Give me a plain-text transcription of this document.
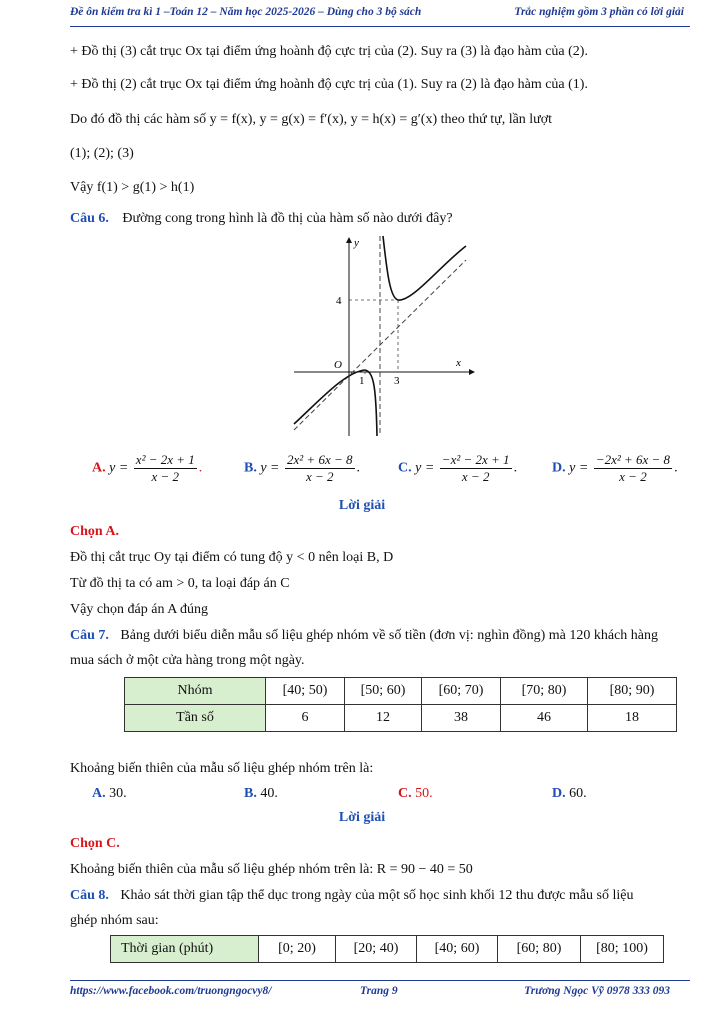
Đề ôn kiểm tra kì 1 –Toán 12 – Năm học 2025-2026 – Dùng cho 3 bộ sách	Trắc nghiệm gồm 3 phần có lời giải
+ Đồ thị (3) cắt trục Ox tại điểm ứng hoành độ cực trị của (2). Suy ra (3) là đạo hàm của (2).
+ Đồ thị (2) cắt trục Ox tại điểm ứng hoành độ cực trị của (1). Suy ra (2) là đạo hàm của (1).
Do đó đồ thị các hàm số y = f(x), y = g(x) = f′(x), y = h(x) = g′(x) theo thứ tự, lần lượt
(1); (2); (3)
Vậy f(1) > g(1) > h(1)
Câu 6. Đường cong trong hình là đồ thị của hàm số nào dưới đây?
y
x
O
4
1	3
A. $y = \frac{\text{x² − 2x + 1}}{x - 2}$ .	B. $y = \frac{\text{2x² + 6x − 8}}{x - 2}$ .	C. $y = \frac{\text{−x² − 2x + 1}}{x - 2}$ . D. $y = \frac{\text{−2x² + 6x − 8}}{x - 2}$ .
Lời giải
Chọn A.
Đồ thị cắt trục Oy tại điểm có tung độ y < 0 nên loại B, D
Từ đồ thị ta có am > 0, ta loại đáp án C
Vậy chọn đáp án A đúng
Câu 7. Bảng dưới biểu diễn mẫu số liệu ghép nhóm về số tiền (đơn vị: nghìn đồng) mà 120 khách hàng
mua sách ở một cửa hàng trong một ngày.
Nhóm	[40; 50)	[50; 60)	[60; 70)	[70; 80)	[80; 90)
Tần số	6	12	38	46	18
Khoảng biến thiên của mẫu số liệu ghép nhóm trên là:
A. 30.	B. 40.	C. 50.	D. 60.
Lời giải
Chọn C.
Khoảng biến thiên của mẫu số liệu ghép nhóm trên là: R = 90 − 40 = 50
Câu 8. Khảo sát thời gian tập thể dục trong ngày của một số học sinh khối 12 thu được mẫu số liệu
ghép nhóm sau:
Thời gian (phút)	[0; 20)	[20; 40)	[40; 60)	[60; 80)	[80; 100)
https://www.facebook.com/truongngocvy8/	Trang 9	Trương Ngọc Vỹ 0978 333 093
